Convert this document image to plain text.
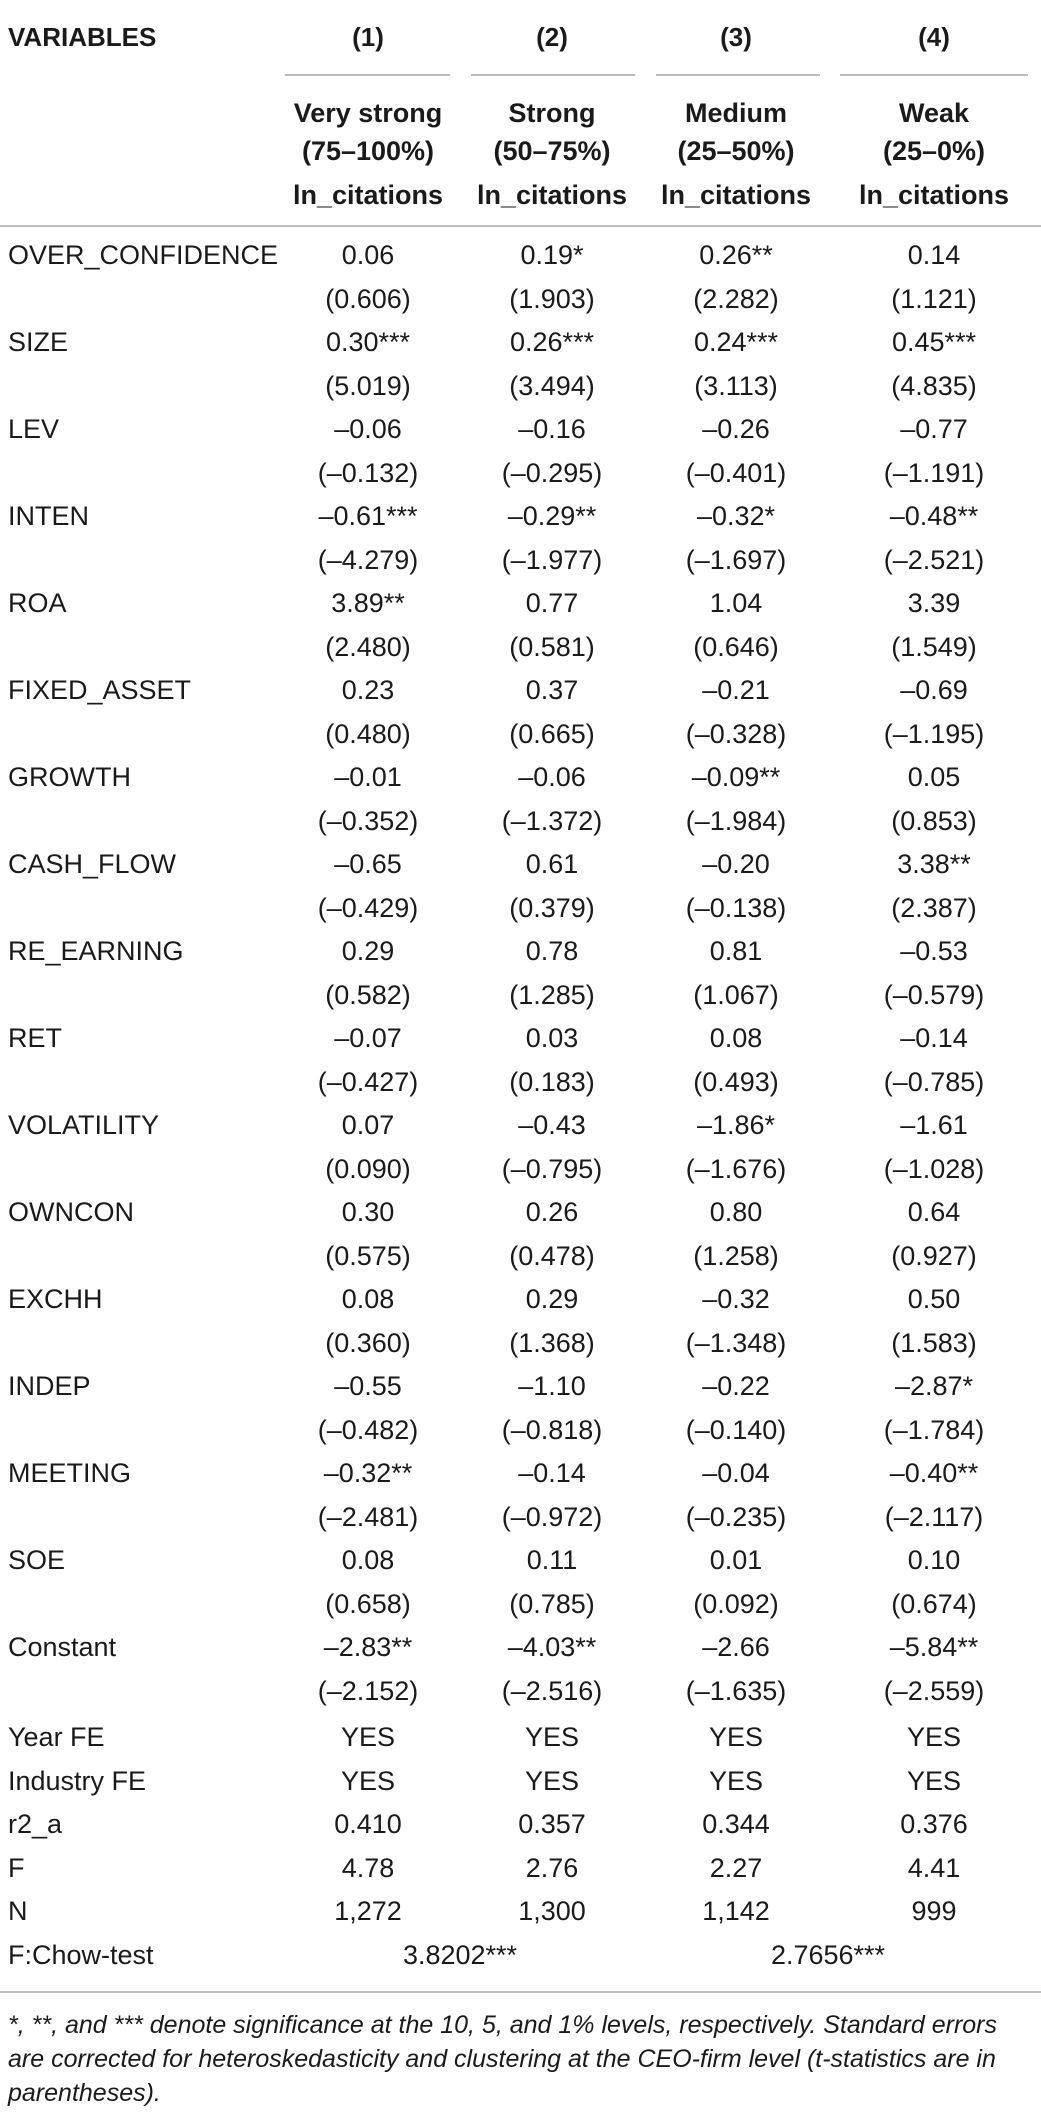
VARIABLES	(1)	(2)	(3)	(4)
Very strong	Strong	Medium	Weak
(75–100%)	(50–75%)	(25–50%)	(25–0%)
ln_citations	ln_citations	ln_citations	ln_citations
OVER_CONFIDENCE	0.06	0.19*	0.26**	0.14
(0.606)	(1.903)	(2.282)	(1.121)
SIZE	0.30***	0.26***	0.24***	0.45***
(5.019)	(3.494)	(3.113)	(4.835)
LEV	–0.06	–0.16	–0.26	–0.77
(–0.132)	(–0.295)	(–0.401)	(–1.191)
INTEN	–0.61***	–0.29**	–0.32*	–0.48**
(–4.279)	(–1.977)	(–1.697)	(–2.521)
ROA	3.89**	0.77	1.04	3.39
(2.480)	(0.581)	(0.646)	(1.549)
FIXED_ASSET	0.23	0.37	–0.21	–0.69
(0.480)	(0.665)	(–0.328)	(–1.195)
GROWTH	–0.01	–0.06	–0.09**	0.05
(–0.352)	(–1.372)	(–1.984)	(0.853)
CASH_FLOW	–0.65	0.61	–0.20	3.38**
(–0.429)	(0.379)	(–0.138)	(2.387)
RE_EARNING	0.29	0.78	0.81	–0.53
(0.582)	(1.285)	(1.067)	(–0.579)
RET	–0.07	0.03	0.08	–0.14
(–0.427)	(0.183)	(0.493)	(–0.785)
VOLATILITY	0.07	–0.43	–1.86*	–1.61
(0.090)	(–0.795)	(–1.676)	(–1.028)
OWNCON	0.30	0.26	0.80	0.64
(0.575)	(0.478)	(1.258)	(0.927)
EXCHH	0.08	0.29	–0.32	0.50
(0.360)	(1.368)	(–1.348)	(1.583)
INDEP	–0.55	–1.10	–0.22	–2.87*
(–0.482)	(–0.818)	(–0.140)	(–1.784)
MEETING	–0.32**	–0.14	–0.04	–0.40**
(–2.481)	(–0.972)	(–0.235)	(–2.117)
SOE	0.08	0.11	0.01	0.10
(0.658)	(0.785)	(0.092)	(0.674)
Constant	–2.83**	–4.03**	–2.66	–5.84**
(–2.152)	(–2.516)	(–1.635)	(–2.559)
Year FE	YES	YES	YES	YES
Industry FE	YES	YES	YES	YES
r2_a	0.410	0.357	0.344	0.376
F	4.78	2.76	2.27	4.41
N	1,272	1,300	1,142	999
F:Chow-test	3.8202***	2.7656***
*, **, and *** denote significance at the 10, 5, and 1% levels, respectively. Standard errors are corrected for heteroskedasticity and clustering at the CEO-firm level (t-statistics are in parentheses).
